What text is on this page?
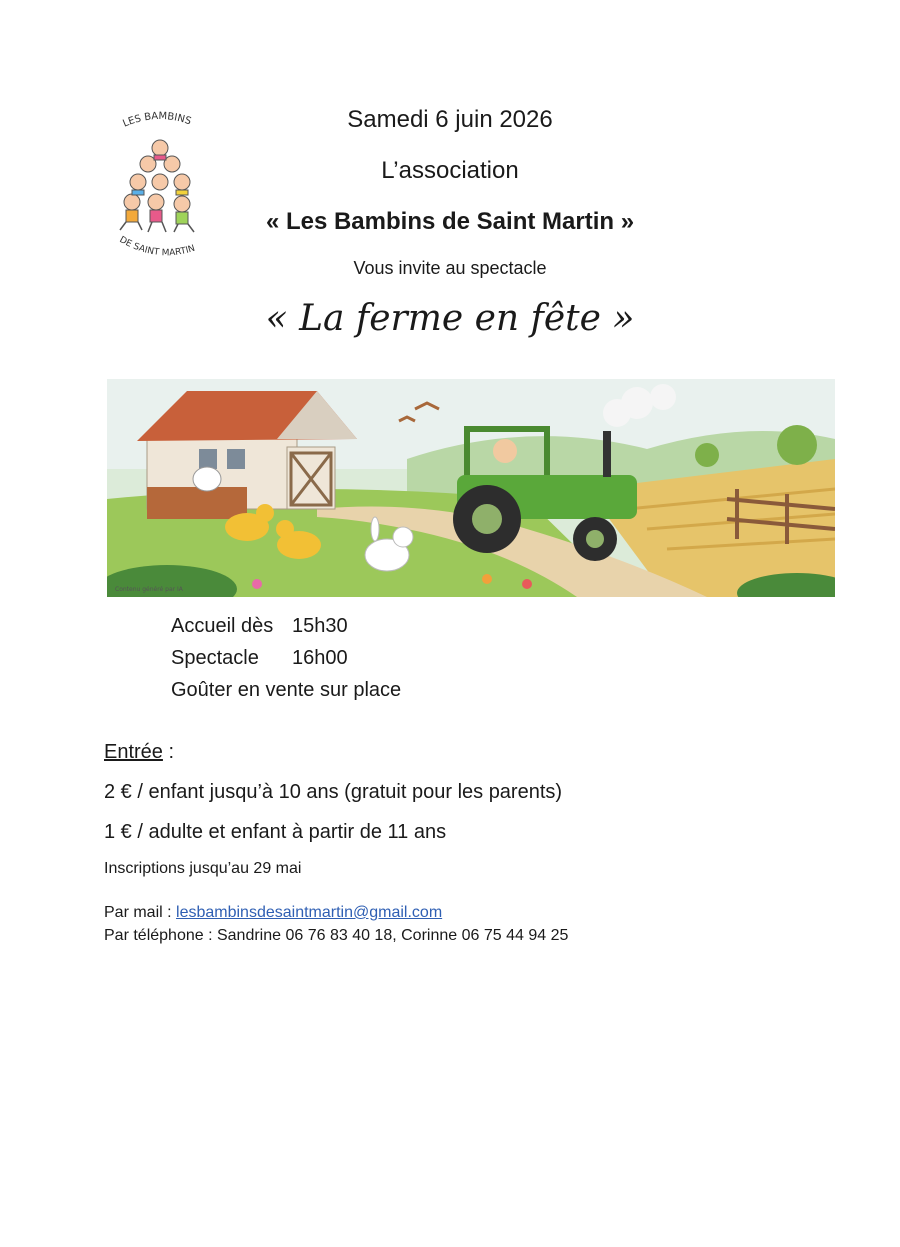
LES BAMBINS
DE SAINT MARTIN
Samedi 6 juin 2026
L’association
« Les Bambins de Saint Martin »
Vous invite au spectacle
« La ferme en fête »
Contenu généré par IA
Accueil dès 15h30
Spectacle 16h00
Goûter en vente sur place
Entrée :
2 € / enfant jusqu’à 10 ans (gratuit pour les parents)
1 € / adulte et enfant à partir de 11 ans
Inscriptions jusqu’au 29 mai
Par mail : lesbambinsdesaintmartin@gmail.com
Par téléphone : Sandrine 06 76 83 40 18, Corinne 06 75 44 94 25
